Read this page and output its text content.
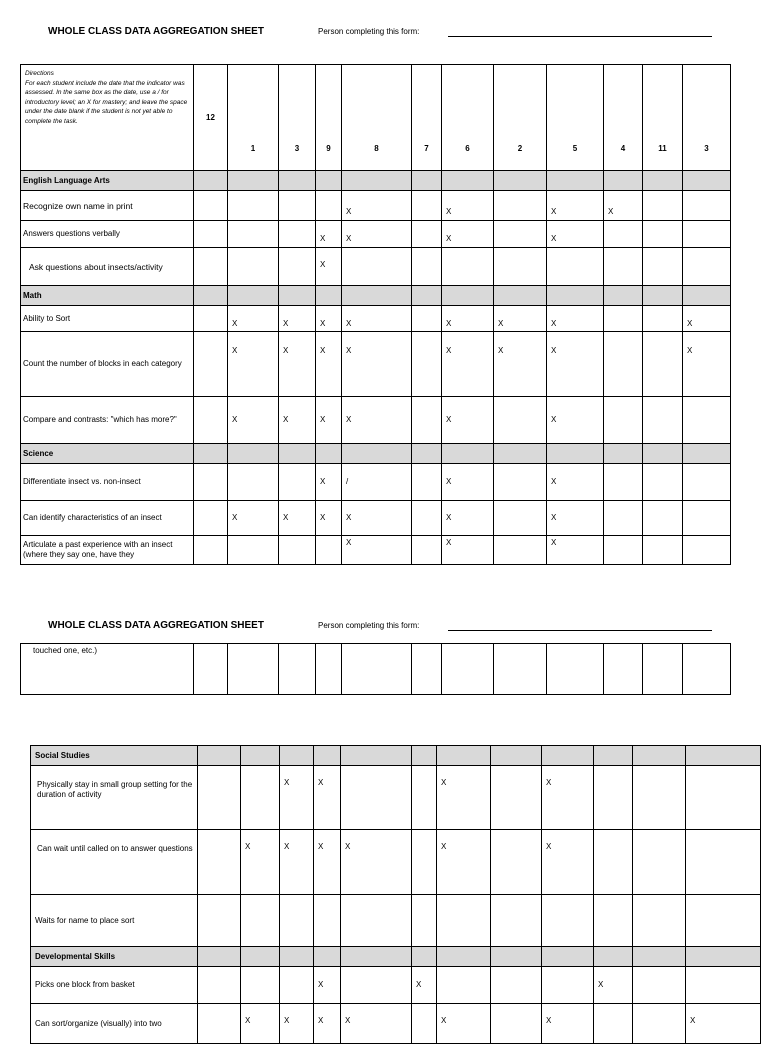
WHOLE CLASS DATA AGGREGATION SHEET	Person completing this form:
Directions
For each student include the date that the indicator was assessed. In the same box as the date, use a / for introductory level; an X for mastery; and leave the space under the date blank if the student is not yet able to complete the task.	12	1	3	9	8	7	6	2	5	4	11	3
English Language Arts												
Recognize own name in print					X		X		X	X		
Answers questions verbally				X	X		X		X			
Ask questions about insects/activity				X								
Math												
Ability to Sort		X	X	X	X		X	X	X			X
Count the number of blocks in each category		X	X	X	X		X	X	X			X
Compare and contrasts: "which has more?"		X	X	X	X		X		X			
Science												
Differentiate insect vs. non-insect				X	/		X		X			
Can identify characteristics of an insect		X	X	X	X		X		X			
Articulate a past experience with an insect (where they say one, have they					X		X		X			
WHOLE CLASS DATA AGGREGATION SHEET	Person completing this form:
touched one, etc.)												
Social Studies												
Physically stay in small group setting for the duration of activity			X	X			X		X			
Can wait until called on to answer questions		X	X	X	X		X		X			
Waits for name to place sort												
Developmental Skills												
Picks one block from basket				X		X				X		
Can sort/organize (visually) into two		X	X	X	X		X		X			X
